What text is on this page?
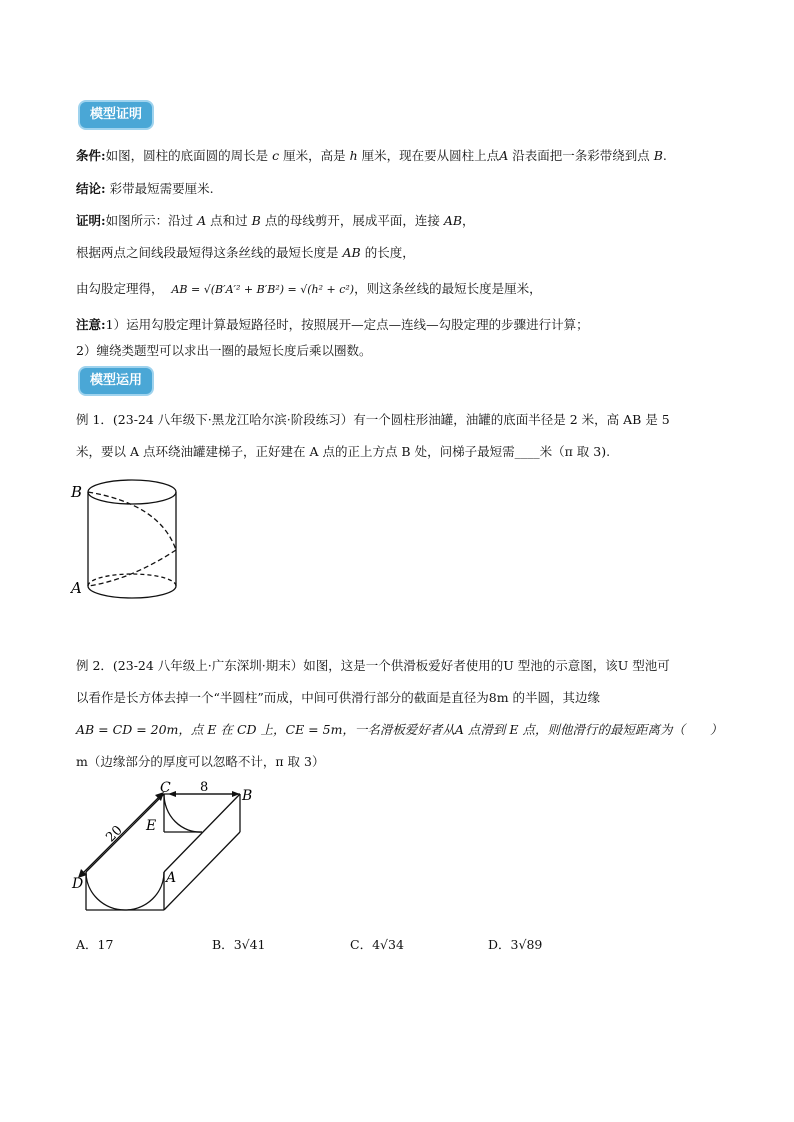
模型证明
条件:如图，圆柱的底面圆的周长是 c 厘米，高是 h 厘米，现在要从圆柱上点A 沿表面把一条彩带绕到点 B.
结论: 彩带最短需要厘米.
证明:如图所示：沿过 A 点和过 B 点的母线剪开，展成平面，连接 AB，
根据两点之间线段最短得这条丝线的最短长度是 AB 的长度，
由勾股定理得， AB = √(B′A′² + B′B²) = √(h² + c²)，则这条丝线的最短长度是厘米，
注意:1）运用勾股定理计算最短路径时，按照展开—定点—连线—勾股定理的步骤进行计算；
2）缠绕类题型可以求出一圈的最短长度后乘以圈数。
模型运用
例 1．(23-24 八年级下·黑龙江哈尔滨·阶段练习）有一个圆柱形油罐，油罐的底面半径是 2 米，高 AB 是 5
米，要以 A 点环绕油罐建梯子，正好建在 A 点的正上方点 B 处，问梯子最短需____米（π 取 3).
B
A
例 2．(23-24 八年级上·广东深圳·期末）如图，这是一个供滑板爱好者使用的U 型池的示意图，该U 型池可
以看作是长方体去掉一个“半圆柱”而成，中间可供滑行部分的截面是直径为8m 的半圆，其边缘
AB = CD = 20m，点 E 在 CD 上，CE = 5m，一名滑板爱好者从A 点滑到 E 点，则他滑行的最短距离为（　　）
m（边缘部分的厚度可以忽略不计，π 取 3）
C 8
B
20 E
D	A
A．17	B．3√41	C．4√34	D．3√89
